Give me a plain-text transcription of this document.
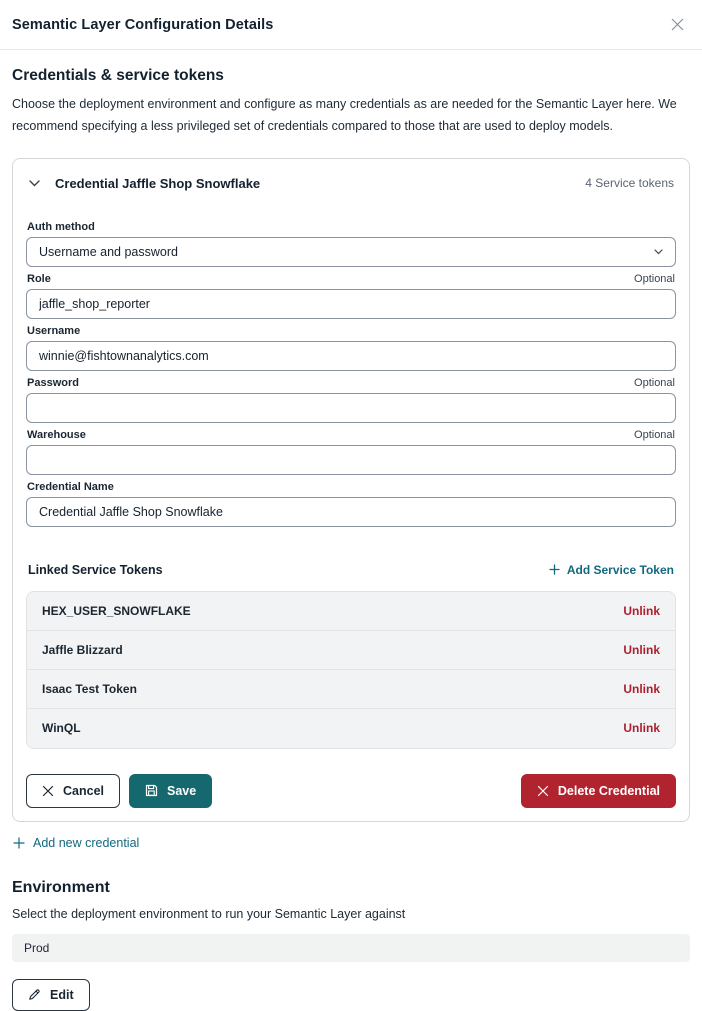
Semantic Layer Configuration Details
Credentials & service tokens

Choose the deployment environment and configure as many credentials as are needed for the Semantic Layer here. We recommend specifying a less privileged set of credentials compared to those that are used to deploy models.

Credential Jaffle Shop Snowflake	4 Service tokens
Auth method
Username and password
Role	Optional
jaffle_shop_reporter
Username
winnie@fishtownanalytics.com
Password	Optional
Warehouse	Optional
Credential Name
Credential Jaffle Shop Snowflake
Linked Service Tokens	Add Service Token
HEX_USER_SNOWFLAKE	Unlink
Jaffle Blizzard	Unlink
Isaac Test Token	Unlink
WinQL	Unlink
Cancel	Save	Delete Credential
Add new credential
Environment

Select the deployment environment to run your Semantic Layer against

Prod
Edit
